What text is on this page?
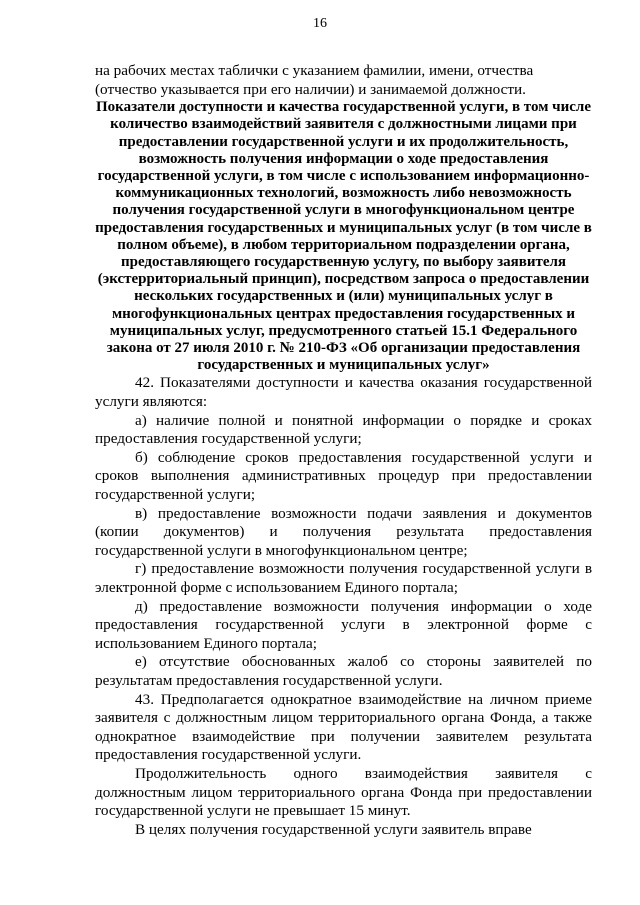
16

на рабочих местах таблички с указанием фамилии, имени, отчества (отчество указывается при его наличии) и занимаемой должности.

Показатели доступности и качества государственной услуги, в том числе количество взаимодействий заявителя с должностными лицами при предоставлении государственной услуги и их продолжительность, возможность получения информации о ходе предоставления государственной услуги, в том числе с использованием информационно-коммуникационных технологий, возможность либо невозможность получения государственной услуги в многофункциональном центре предоставления государственных и муниципальных услуг (в том числе в полном объеме), в любом территориальном подразделении органа, предоставляющего государственную услугу, по выбору заявителя (экстерриториальный принцип), посредством запроса о предоставлении нескольких государственных и (или) муниципальных услуг в многофункциональных центрах предоставления государственных и муниципальных услуг, предусмотренного статьей 15.1 Федерального закона от 27 июля 2010 г. № 210-ФЗ «Об организации предоставления государственных и муниципальных услуг»

42. Показателями доступности и качества оказания государственной услуги являются:

а) наличие полной и понятной информации о порядке и сроках предоставления государственной услуги;

б) соблюдение сроков предоставления государственной услуги и сроков выполнения административных процедур при предоставлении государственной услуги;

в) предоставление возможности подачи заявления и документов (копии документов) и получения результата предоставления государственной услуги в многофункциональном центре;

г) предоставление возможности получения государственной услуги в электронной форме с использованием Единого портала;

д) предоставление возможности получения информации о ходе предоставления государственной услуги в электронной форме с использованием Единого портала;

е) отсутствие обоснованных жалоб со стороны заявителей по результатам предоставления государственной услуги.

43. Предполагается однократное взаимодействие на личном приеме заявителя с должностным лицом территориального органа Фонда, а также однократное взаимодействие при получении заявителем результата предоставления государственной услуги.

Продолжительность одного взаимодействия заявителя с должностным лицом территориального органа Фонда при предоставлении государственной услуги не превышает 15 минут.

В целях получения государственной услуги заявитель вправе
